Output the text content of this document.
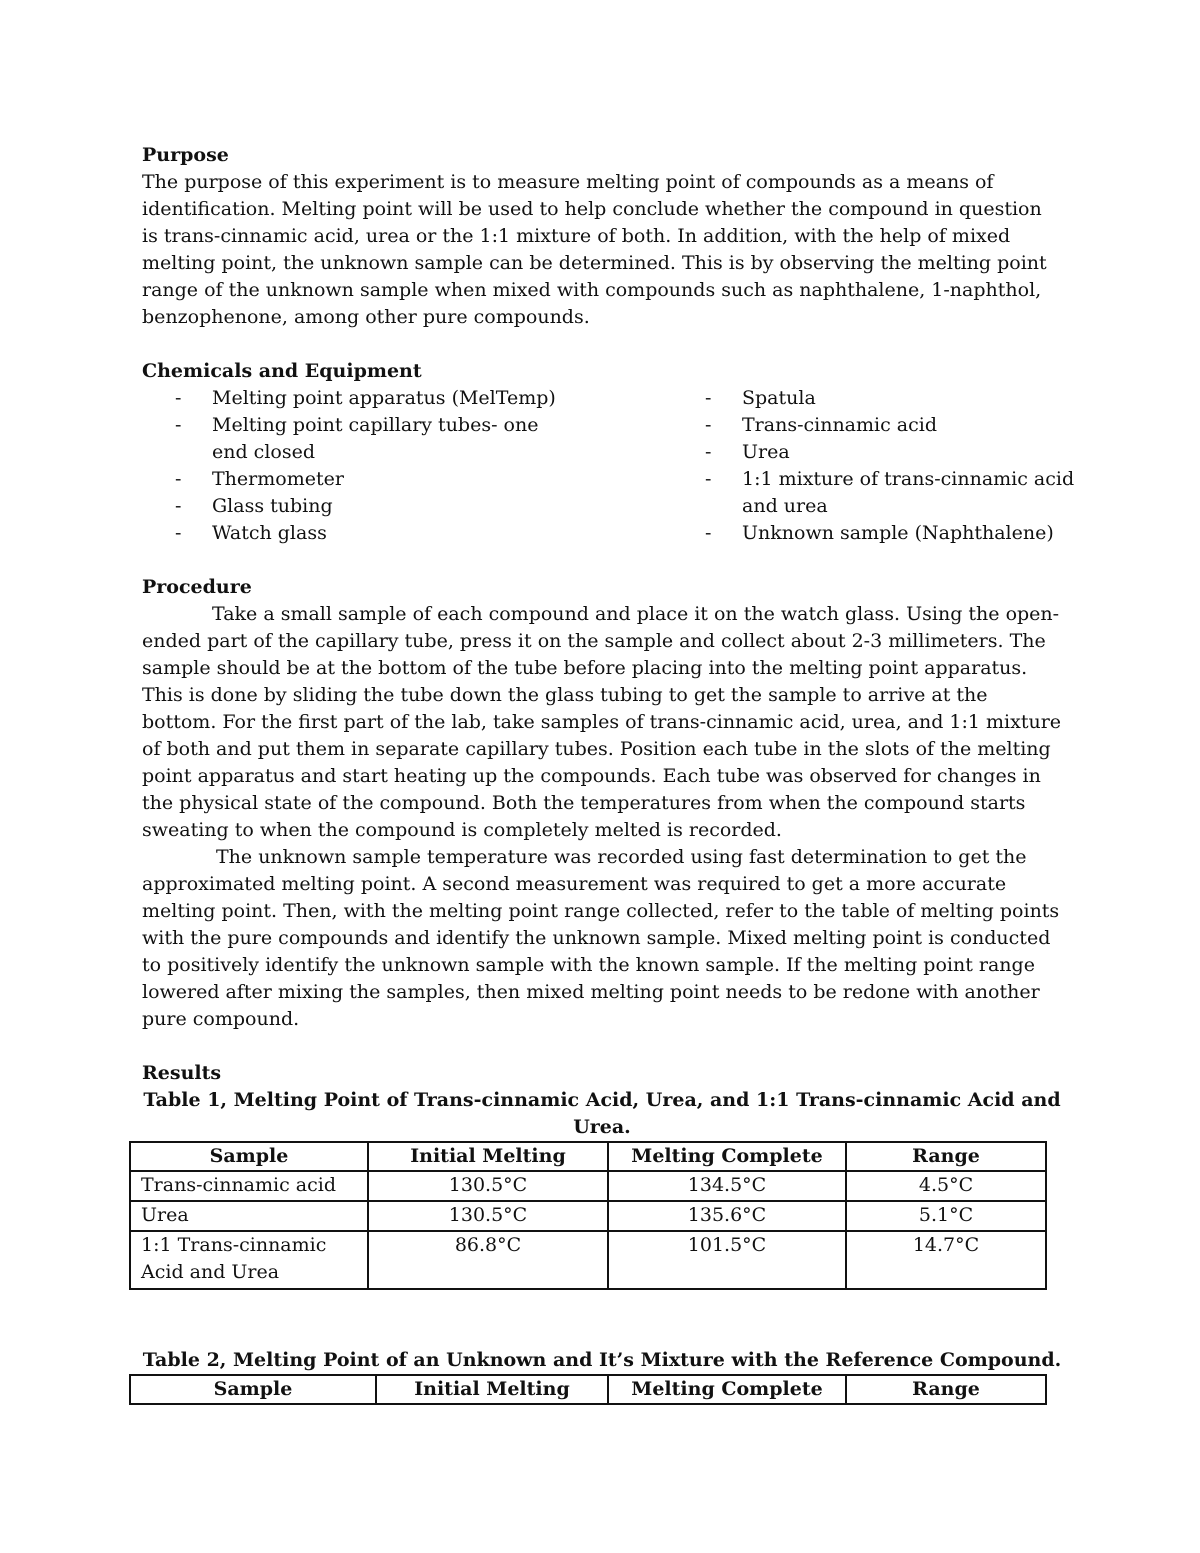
Purpose

The purpose of this experiment is to measure melting point of compounds as a means of identification. Melting point will be used to help conclude whether the compound in question is trans-cinnamic acid, urea or the 1:1 mixture of both. In addition, with the help of mixed melting point, the unknown sample can be determined. This is by observing the melting point range of the unknown sample when mixed with compounds such as naphthalene, 1-naphthol, benzophenone, among other pure compounds.

Chemicals and Equipment

- Melting point apparatus (MelTemp)
- Melting point capillary tubes- one end closed
- Thermometer
- Glass tubing
- Watch glass
- Spatula
- Trans-cinnamic acid
- Urea
- 1:1 mixture of trans-cinnamic acid and urea
- Unknown sample (Naphthalene)

Procedure

Take a small sample of each compound and place it on the watch glass. Using the open-ended part of the capillary tube, press it on the sample and collect about 2-3 millimeters. The sample should be at the bottom of the tube before placing into the melting point apparatus. This is done by sliding the tube down the glass tubing to get the sample to arrive at the bottom. For the first part of the lab, take samples of trans-cinnamic acid, urea, and 1:1 mixture of both and put them in separate capillary tubes. Position each tube in the slots of the melting point apparatus and start heating up the compounds. Each tube was observed for changes in the physical state of the compound. Both the temperatures from when the compound starts sweating to when the compound is completely melted is recorded.

The unknown sample temperature was recorded using fast determination to get the approximated melting point. A second measurement was required to get a more accurate melting point. Then, with the melting point range collected, refer to the table of melting points with the pure compounds and identify the unknown sample. Mixed melting point is conducted to positively identify the unknown sample with the known sample. If the melting point range lowered after mixing the samples, then mixed melting point needs to be redone with another pure compound.

Results

Table 1, Melting Point of Trans-cinnamic Acid, Urea, and 1:1 Trans-cinnamic Acid and Urea.

Sample	Initial Melting	Melting Complete	Range
Trans-cinnamic acid	130.5°C	134.5°C	4.5°C
Urea	130.5°C	135.6°C	5.1°C
1:1 Trans-cinnamic Acid and Urea	86.8°C	101.5°C	14.7°C

Table 2, Melting Point of an Unknown and It’s Mixture with the Reference Compound.

Sample	Initial Melting	Melting Complete	Range
